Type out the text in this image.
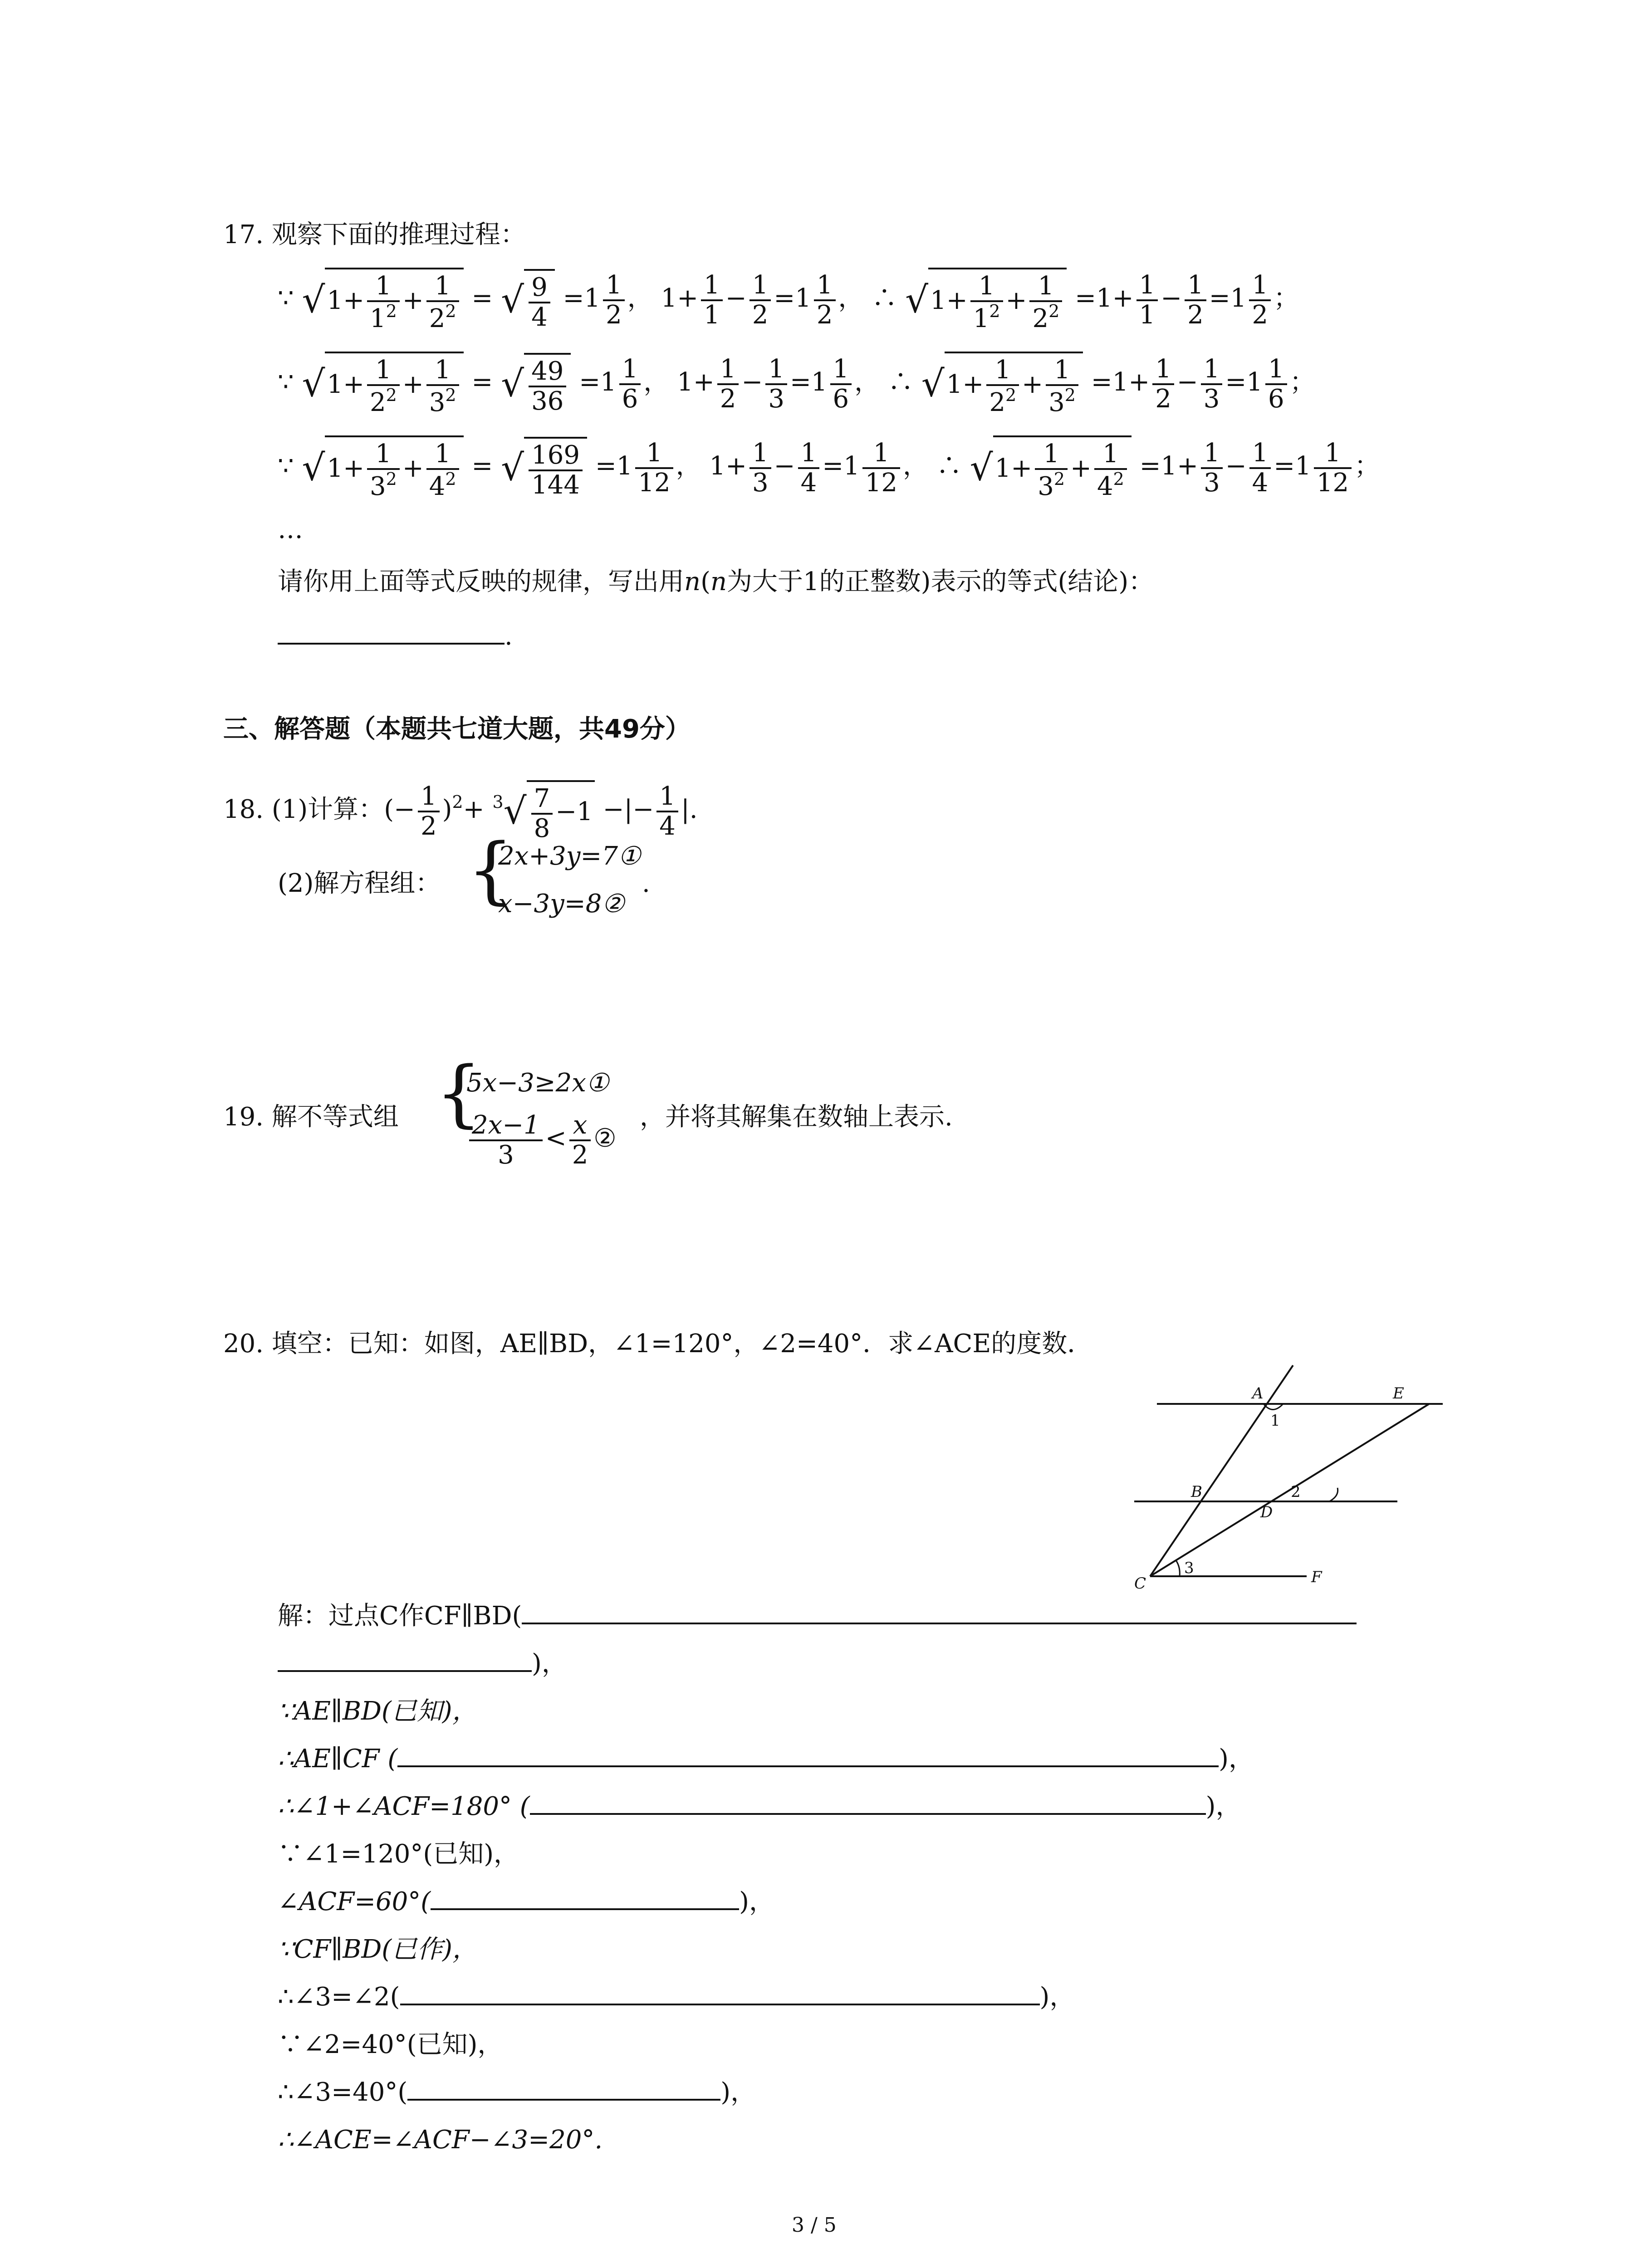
17. 观察下面的推理过程：
∵ $√1+ \frac{1}{1^2} + \frac{1}{2^2}$ = √ $\frac{9}{4} =1 \frac{1}{2}$ ， $1+ \frac{1}{1} - \frac{1}{2} =1 \frac{1}{2}$ ， ∴ $√1+ \frac{1}{1^2} + \frac{1}{2^2} =1+ \frac{1}{1} - \frac{1}{2} =1 \frac{1}{2}$ ；
∵ $√1+ \frac{1}{2^2} + \frac{1}{3^2}$ = √ $\frac{49}{36} =1 \frac{1}{6}$ ， $1+ \frac{1}{2} - \frac{1}{3} =1 \frac{1}{6}$ ， ∴ $√1+ \frac{1}{2^2} + \frac{1}{3^2} =1+ \frac{1}{2} - \frac{1}{3} =1 \frac{1}{6}$ ；
∵ $√1+ \frac{1}{3^2} + \frac{1}{4^2}$ = √ $\frac{169}{144} =1 \frac{1}{12}$ ， $1+ \frac{1}{3} - \frac{1}{4} =1 \frac{1}{12}$ ， ∴ $√1+ \frac{1}{3^2} + \frac{1}{4^2} =1+ \frac{1}{3} - \frac{1}{4} =1 \frac{1}{12}$ ；
…
请你用上面等式反映的规律，写出用n(n为大于1的正整数)表示的等式(结论)：
.
三、解答题（本题共七道大题，共49分）
18. (1)计算：(− $\frac{1}{2} )^2+ ^3√ \frac{7}{8} -1$ −|− $\frac{1}{4}$ |.
(2)解方程组： {
2x+3y=7①
x−3y=8②
.
19. 解不等式组 {
5x−3≥2x①
$\frac{2x-1}{3} < \frac{x}{2}$ ②
，并将其解集在数轴上表示.
20. 填空：已知：如图，AE∥BD，∠1=120°，∠2=40°．求∠ACE的度数．
A	E
1
B
D
2
C
3	F
解：过点C作CF∥BD(
)，
∵AE∥BD(已知)，
∴AE∥CF (	)，
∴∠1+∠ACF=180° (	)，
∵∠1=120°(已知)，
∠ACF=60°(	)，
∵CF∥BD(已作)，
∴∠3=∠2(	)，
∵∠2=40°(已知)，
∴∠3=40°(	)，
∴∠ACE=∠ACF−∠3=20°.
3 / 5
